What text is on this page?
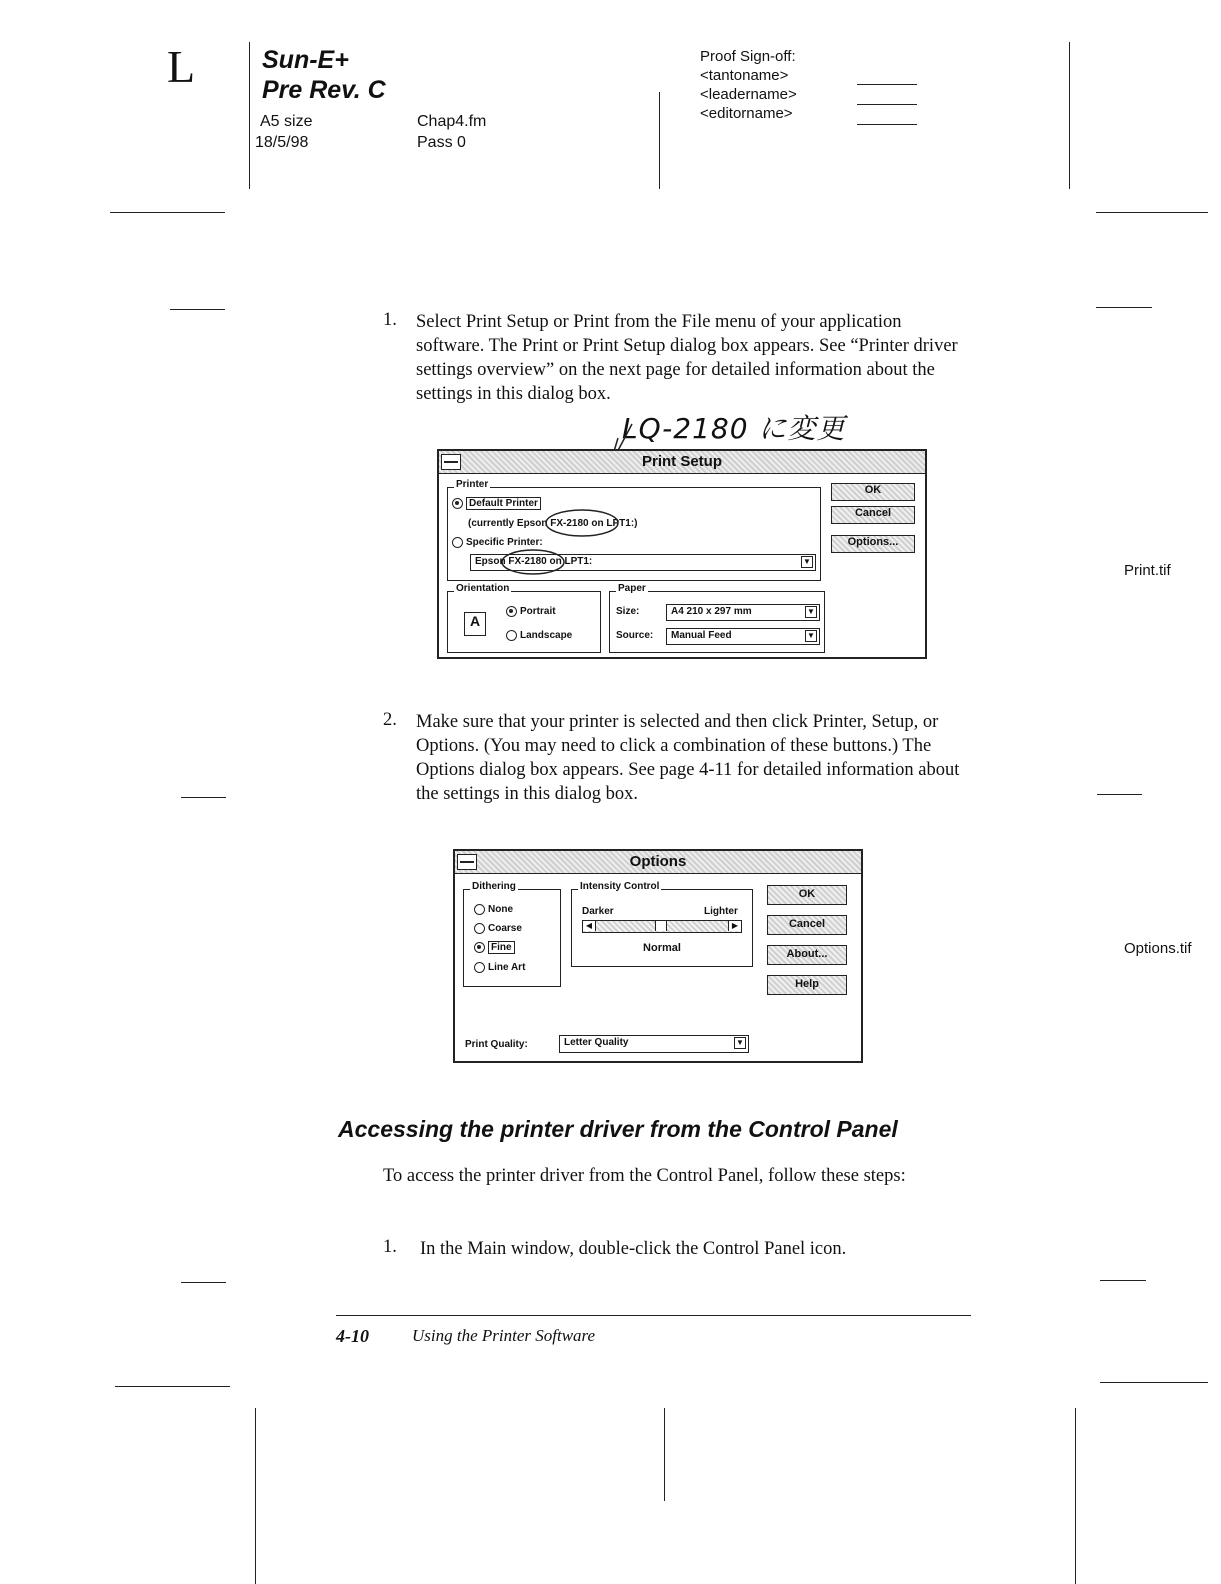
L	Sun-E+
Pre Rev. C
A5 size
18/5/98
Chap4.fm
Pass 0
Proof Sign-off:
<tantoname>
<leadername>
<editorname>
1. Select Print Setup or Print from the File menu of your application software. The Print or Print Setup dialog box appears. See “Printer driver settings overview” on the next page for detailed information about the settings in this dialog box.
LQ-2180 に変更
Print Setup
Printer
Default Printer
(currently Epson FX-2180 on LPT1:)
Specific Printer:
Epson FX-2180 on LPT1:	▼
Orientation
A
Portrait
Landscape
Paper
Size:	A4 210 x 297 mm	▼
Source:	Manual Feed	▼
OK
Cancel
Options...
Print.tif
2. Make sure that your printer is selected and then click Printer, Setup, or Options. (You may need to click a combination of these buttons.) The Options dialog box appears. See page 4-11 for detailed information about the settings in this dialog box.
Options
Dithering
None
Coarse
Fine
Line Art
Intensity Control
Darker	Lighter
◀	▶
Normal
OK
Cancel
About...
Help
Print Quality:	Letter Quality	▼
Options.tif
Accessing the printer driver from the Control Panel
To access the printer driver from the Control Panel, follow these steps:
1. In the Main window, double-click the Control Panel icon.
4-10	Using the Printer Software
